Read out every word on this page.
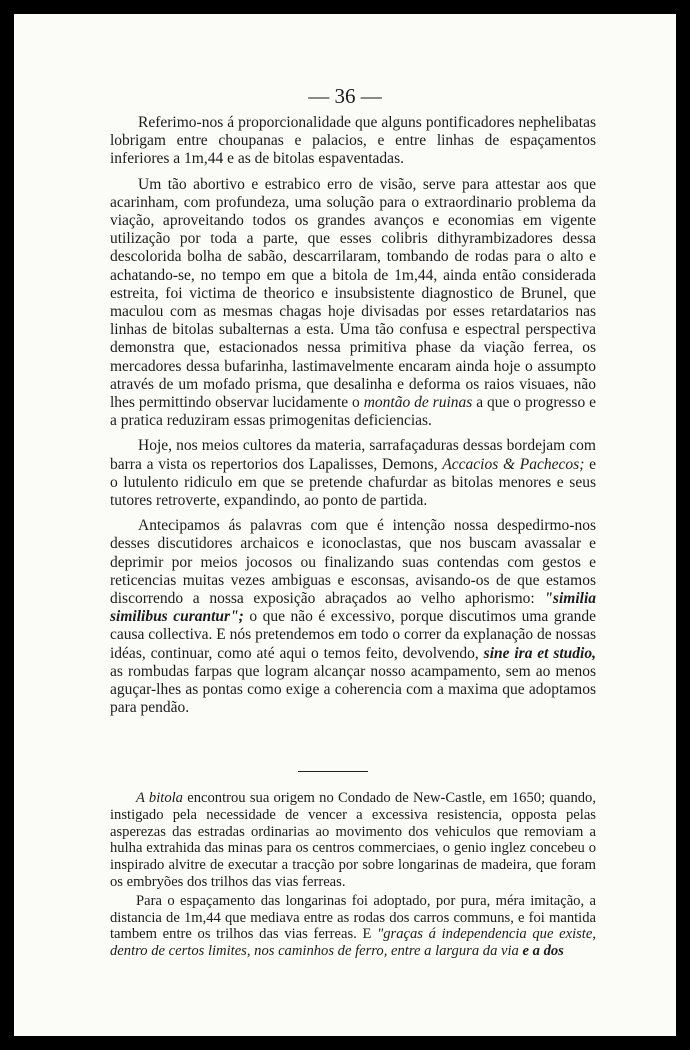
— 36 —

Referimo-nos á proporcionalidade que alguns pontificadores nephelibatas lobrigam entre choupanas e palacios, e entre linhas de espaçamentos inferiores a 1m,44 e as de bitolas espaventadas.

Um tão abortivo e estrabico erro de visão, serve para attestar aos que acarinham, com profundeza, uma solução para o extraordinario problema da viação, aproveitando todos os grandes avanços e economias em vigente utilização por toda a parte, que esses colibris dithyrambizadores dessa descolorida bolha de sabão, descarrilaram, tombando de rodas para o alto e achatando-se, no tempo em que a bitola de 1m,44, ainda então considerada estreita, foi victima de theorico e insubsistente diagnostico de Brunel, que maculou com as mesmas chagas hoje divisadas por esses retardatarios nas linhas de bitolas subalternas a esta. Uma tão confusa e espectral perspectiva demonstra que, estacionados nessa primitiva phase da viação ferrea, os mercadores dessa bufarinha, lastimavelmente encaram ainda hoje o assumpto através de um mofado prisma, que desalinha e deforma os raios visuaes, não lhes permittindo observar lucidamente o montão de ruinas a que o progresso e a pratica reduziram essas primogenitas deficiencias.

Hoje, nos meios cultores da materia, sarrafaçaduras dessas bordejam com barra a vista os repertorios dos Lapalisses, Demons, Accacios & Pachecos; e o lutulento ridiculo em que se pretende chafurdar as bitolas menores e seus tutores retroverte, expandindo, ao ponto de partida.

Antecipamos ás palavras com que é intenção nossa despedirmo-nos desses discutidores archaicos e iconoclastas, que nos buscam avassalar e deprimir por meios jocosos ou finalizando suas contendas com gestos e reticencias muitas vezes ambiguas e esconsas, avisando-os de que estamos discorrendo a nossa exposição abraçados ao velho aphorismo: "similia similibus curantur"; o que não é excessivo, porque discutimos uma grande causa collectiva. E nós pretendemos em todo o correr da explanação de nossas idéas, continuar, como até aqui o temos feito, devolvendo, sine ira et studio, as rombudas farpas que logram alcançar nosso acampamento, sem ao menos aguçar-lhes as pontas como exige a coherencia com a maxima que adoptamos para pendão.

A bitola encontrou sua origem no Condado de New-Castle, em 1650; quando, instigado pela necessidade de vencer a excessiva resistencia, opposta pelas asperezas das estradas ordinarias ao movimento dos vehiculos que removiam a hulha extrahida das minas para os centros commerciaes, o genio inglez concebeu o inspirado alvitre de executar a tracção por sobre longarinas de madeira, que foram os embryões dos trilhos das vias ferreas.

Para o espaçamento das longarinas foi adoptado, por pura, méra imitação, a distancia de 1m,44 que mediava entre as rodas dos carros communs, e foi mantida tambem entre os trilhos das vias ferreas. E "graças á independencia que existe, dentro de certos limites, nos caminhos de ferro, entre a largura da via e a dos
